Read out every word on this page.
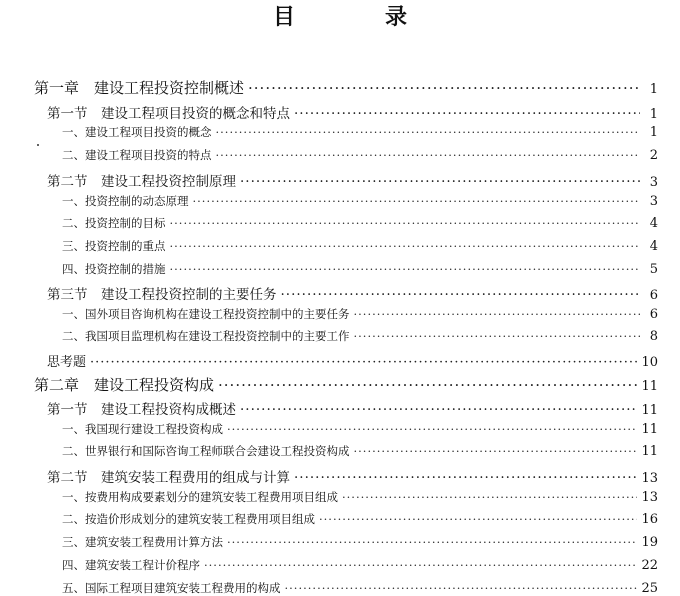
目　录
第一章　建设工程投资控制概述 ·····	1
第一节　建设工程项目投资的概念和特点 ·····	1
一、建设工程项目投资的概念 ·····	1
二、建设工程项目投资的特点 ·····	2
第二节　建设工程投资控制原理 ·····	3
一、投资控制的动态原理 ·····	3
二、投资控制的目标 ·····	4
三、投资控制的重点 ·····	4
四、投资控制的措施 ·····	5
第三节　建设工程投资控制的主要任务 ·····	6
一、国外项目咨询机构在建设工程投资控制中的主要任务 ·····	6
二、我国项目监理机构在建设工程投资控制中的主要工作 ·····	8
思考题 ·····	10
第二章　建设工程投资构成 ·····	11
第一节　建设工程投资构成概述 ·····	11
一、我国现行建设工程投资构成 ·····	11
二、世界银行和国际咨询工程师联合会建设工程投资构成 ·····	11
第二节　建筑安装工程费用的组成与计算 ·····	13
一、按费用构成要素划分的建筑安装工程费用项目组成 ·····	13
二、按造价形成划分的建筑安装工程费用项目组成 ·····	16
三、建筑安装工程费用计算方法 ·····	19
四、建筑安装工程计价程序 ·····	22
五、国际工程项目建筑安装工程费用的构成 ·····	25
